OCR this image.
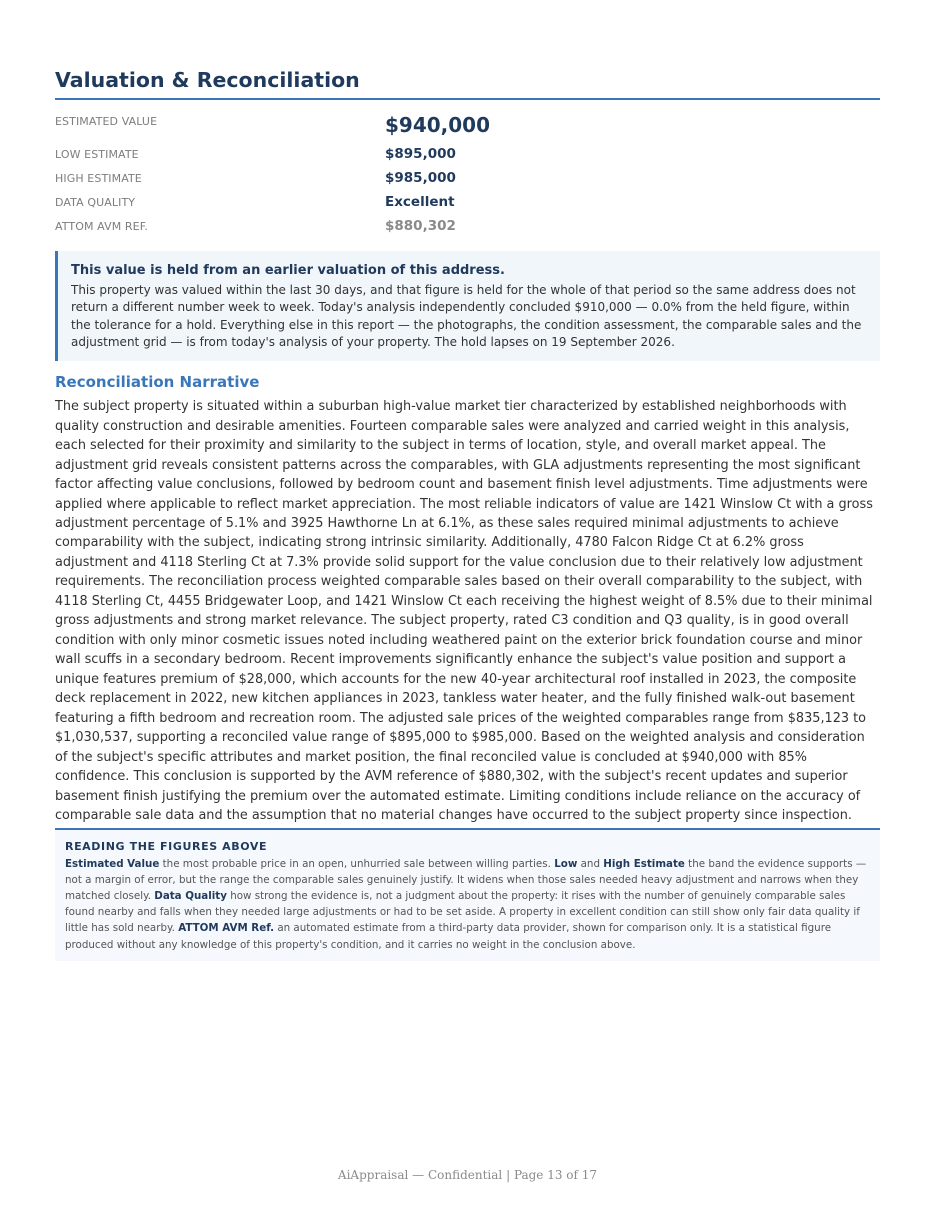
Valuation & Reconciliation
ESTIMATED VALUE	$940,000
LOW ESTIMATE	$895,000
HIGH ESTIMATE	$985,000
DATA QUALITY	Excellent
ATTOM AVM REF.	$880,302
This value is held from an earlier valuation of this address.
This property was valued within the last 30 days, and that figure is held for the whole of that period so the same address does not return a different number week to week. Today's analysis independently concluded $910,000 — 0.0% from the held figure, within the tolerance for a hold. Everything else in this report — the photographs, the condition assessment, the comparable sales and the adjustment grid — is from today's analysis of your property. The hold lapses on 19 September 2026.
Reconciliation Narrative
The subject property is situated within a suburban high-value market tier characterized by established neighborhoods with quality construction and desirable amenities. Fourteen comparable sales were analyzed and carried weight in this analysis, each selected for their proximity and similarity to the subject in terms of location, style, and overall market appeal. The adjustment grid reveals consistent patterns across the comparables, with GLA adjustments representing the most significant factor affecting value conclusions, followed by bedroom count and basement finish level adjustments. Time adjustments were applied where applicable to reflect market appreciation. The most reliable indicators of value are 1421 Winslow Ct with a gross adjustment percentage of 5.1% and 3925 Hawthorne Ln at 6.1%, as these sales required minimal adjustments to achieve comparability with the subject, indicating strong intrinsic similarity. Additionally, 4780 Falcon Ridge Ct at 6.2% gross adjustment and 4118 Sterling Ct at 7.3% provide solid support for the value conclusion due to their relatively low adjustment requirements. The reconciliation process weighted comparable sales based on their overall comparability to the subject, with 4118 Sterling Ct, 4455 Bridgewater Loop, and 1421 Winslow Ct each receiving the highest weight of 8.5% due to their minimal gross adjustments and strong market relevance. The subject property, rated C3 condition and Q3 quality, is in good overall condition with only minor cosmetic issues noted including weathered paint on the exterior brick foundation course and minor wall scuffs in a secondary bedroom. Recent improvements significantly enhance the subject's value position and support a unique features premium of $28,000, which accounts for the new 40-year architectural roof installed in 2023, the composite deck replacement in 2022, new kitchen appliances in 2023, tankless water heater, and the fully finished walk-out basement featuring a fifth bedroom and recreation room. The adjusted sale prices of the weighted comparables range from $835,123 to $1,030,537, supporting a reconciled value range of $895,000 to $985,000. Based on the weighted analysis and consideration of the subject's specific attributes and market position, the final reconciled value is concluded at $940,000 with 85% confidence. This conclusion is supported by the AVM reference of $880,302, with the subject's recent updates and superior basement finish justifying the premium over the automated estimate. Limiting conditions include reliance on the accuracy of comparable sale data and the assumption that no material changes have occurred to the subject property since inspection.
READING THE FIGURES ABOVE
Estimated Value the most probable price in an open, unhurried sale between willing parties. Low and High Estimate the band the evidence supports — not a margin of error, but the range the comparable sales genuinely justify. It widens when those sales needed heavy adjustment and narrows when they matched closely. Data Quality how strong the evidence is, not a judgment about the property: it rises with the number of genuinely comparable sales found nearby and falls when they needed large adjustments or had to be set aside. A property in excellent condition can still show only fair data quality if little has sold nearby. ATTOM AVM Ref. an automated estimate from a third-party data provider, shown for comparison only. It is a statistical figure produced without any knowledge of this property's condition, and it carries no weight in the conclusion above.
AiAppraisal — Confidential | Page 13 of 17
